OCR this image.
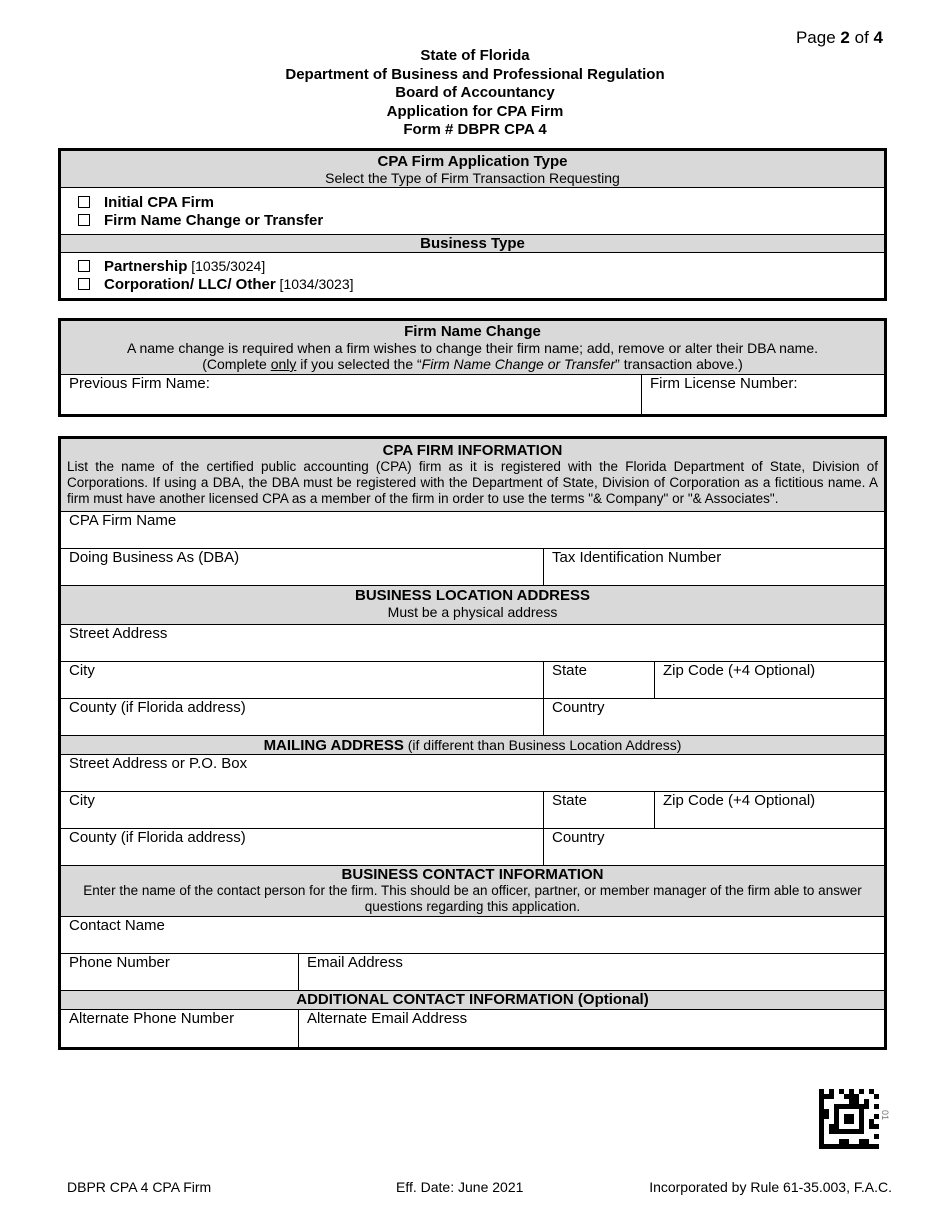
Page 2 of 4
State of Florida
Department of Business and Professional Regulation
Board of Accountancy
Application for CPA Firm
Form # DBPR CPA 4
CPA Firm Application Type
Select the Type of Firm Transaction Requesting
Initial CPA Firm
Firm Name Change or Transfer
Business Type
Partnership [1035/3024]
Corporation/ LLC/ Other [1034/3023]
Firm Name Change
A name change is required when a firm wishes to change their firm name; add, remove or alter their DBA name.
(Complete only if you selected the “Firm Name Change or Transfer” transaction above.)
Previous Firm Name:	Firm License Number:
CPA FIRM INFORMATION
List the name of the certified public accounting (CPA) firm as it is registered with the Florida Department of State, Division of Corporations. If using a DBA, the DBA must be registered with the Department of State, Division of Corporation as a fictitious name. A firm must have another licensed CPA as a member of the firm in order to use the terms "& Company" or "& Associates".
CPA Firm Name
Doing Business As (DBA)	Tax Identification Number
BUSINESS LOCATION ADDRESS
Must be a physical address
Street Address
City	State	Zip Code (+4 Optional)
County (if Florida address)	Country
MAILING ADDRESS (if different than Business Location Address)
Street Address or P.O. Box
City	State	Zip Code (+4 Optional)
County (if Florida address)	Country
BUSINESS CONTACT INFORMATION
Enter the name of the contact person for the firm. This should be an officer, partner, or member manager of the firm able to answer questions regarding this application.
Contact Name
Phone Number	Email Address
ADDITIONAL CONTACT INFORMATION (Optional)
Alternate Phone Number	Alternate Email Address
01
DBPR CPA 4 CPA Firm	Eff. Date: June 2021	Incorporated by Rule 61-35.003, F.A.C.
